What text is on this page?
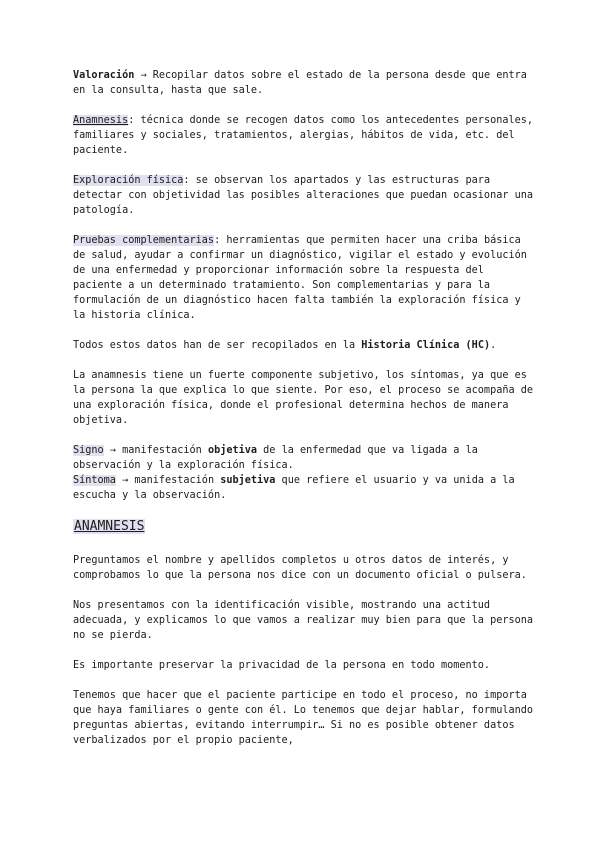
Valoración → Recopilar datos sobre el estado de la persona desde que entra en la consulta, hasta que sale.

Anamnesis: técnica donde se recogen datos como los antecedentes personales, familiares y sociales, tratamientos, alergias, hábitos de vida, etc. del paciente.

Exploración física: se observan los apartados y las estructuras para detectar con objetividad las posibles alteraciones que puedan ocasionar una patología.

Pruebas complementarias: herramientas que permiten hacer una criba básica de salud, ayudar a confirmar un diagnóstico, vigilar el estado y evolución de una enfermedad y proporcionar información sobre la respuesta del paciente a un determinado tratamiento. Son complementarias y para la formulación de un diagnóstico hacen falta también la exploración física y la historia clínica.

Todos estos datos han de ser recopilados en la Historia Clínica (HC).

La anamnesis tiene un fuerte componente subjetivo, los síntomas, ya que es la persona la que explica lo que siente. Por eso, el proceso se acompaña de una exploración física, donde el profesional determina hechos de manera objetiva.

Signo → manifestación objetiva de la enfermedad que va ligada a la observación y la exploración física.

Síntoma → manifestación subjetiva que refiere el usuario y va unida a la escucha y la observación.

ANAMNESIS

Preguntamos el nombre y apellidos completos u otros datos de interés, y comprobamos lo que la persona nos dice con un documento oficial o pulsera.

Nos presentamos con la identificación visible, mostrando una actitud adecuada, y explicamos lo que vamos a realizar muy bien para que la persona no se pierda.

Es importante preservar la privacidad de la persona en todo momento.

Tenemos que hacer que el paciente participe en todo el proceso, no importa que haya familiares o gente con él. Lo tenemos que dejar hablar, formulando preguntas abiertas, evitando interrumpir… Si no es posible obtener datos verbalizados por el propio paciente,
